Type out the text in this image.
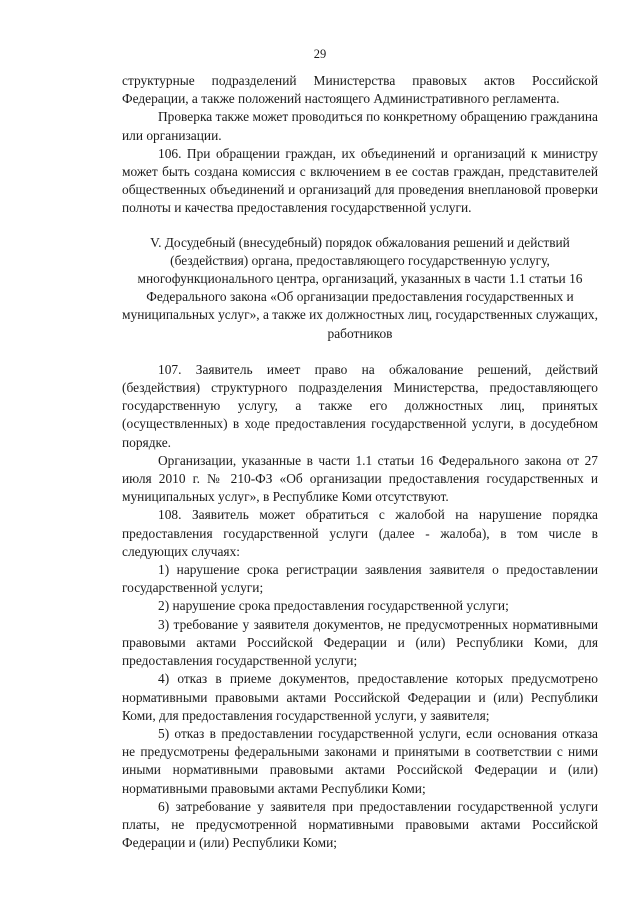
29

структурные подразделений Министерства правовых актов Российской Федерации, а также положений настоящего Административного регламента.

Проверка также может проводиться по конкретному обращению гражданина или организации.

106. При обращении граждан, их объединений и организаций к министру может быть создана комиссия с включением в ее состав граждан, представителей общественных объединений и организаций для проведения внеплановой проверки полноты и качества предоставления государственной услуги.

V. Досудебный (внесудебный) порядок обжалования решений и действий (бездействия) органа, предоставляющего государственную услугу, многофункционального центра, организаций, указанных в части 1.1 статьи 16 Федерального закона «Об организации предоставления государственных и муниципальных услуг», а также их должностных лиц, государственных служащих, работников

107. Заявитель имеет право на обжалование решений, действий (бездействия) структурного подразделения Министерства, предоставляющего государственную услугу, а также его должностных лиц, принятых (осуществленных) в ходе предоставления государственной услуги, в досудебном порядке.

Организации, указанные в части 1.1 статьи 16 Федерального закона от 27 июля 2010 г. № 210-ФЗ «Об организации предоставления государственных и муниципальных услуг», в Республике Коми отсутствуют.

108. Заявитель может обратиться с жалобой на нарушение порядка предоставления государственной услуги (далее - жалоба), в том числе в следующих случаях:

1) нарушение срока регистрации заявления заявителя о предоставлении государственной услуги;

2) нарушение срока предоставления государственной услуги;

3) требование у заявителя документов, не предусмотренных нормативными правовыми актами Российской Федерации и (или) Республики Коми, для предоставления государственной услуги;

4) отказ в приеме документов, предоставление которых предусмотрено нормативными правовыми актами Российской Федерации и (или) Республики Коми, для предоставления государственной услуги, у заявителя;

5) отказ в предоставлении государственной услуги, если основания отказа не предусмотрены федеральными законами и принятыми в соответствии с ними иными нормативными правовыми актами Российской Федерации и (или) нормативными правовыми актами Республики Коми;

6) затребование у заявителя при предоставлении государственной услуги платы, не предусмотренной нормативными правовыми актами Российской Федерации и (или) Республики Коми;
